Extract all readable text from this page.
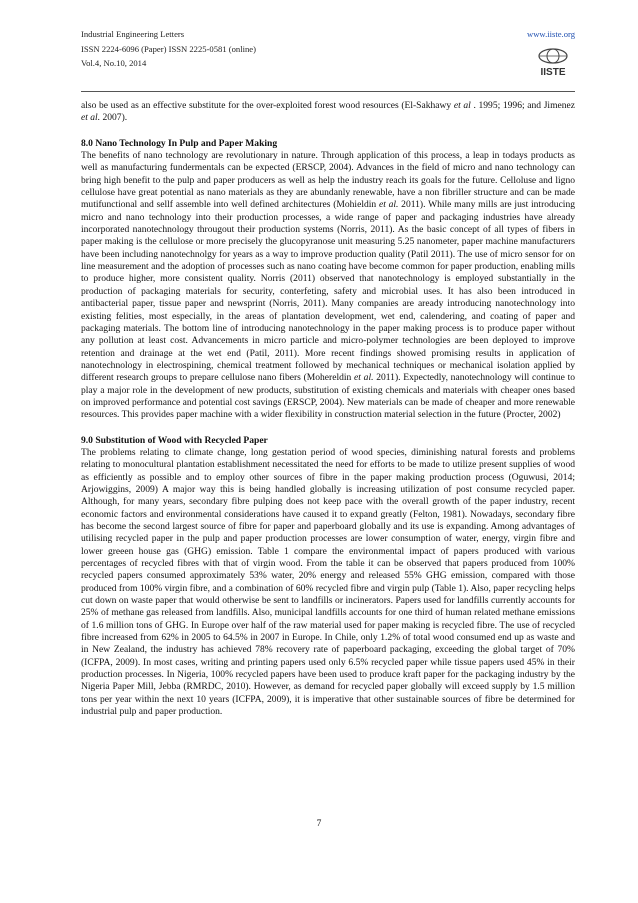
Industrial Engineering Letters
ISSN 2224-6096 (Paper) ISSN 2225-0581 (online)
Vol.4, No.10, 2014
www.iiste.org
IISTE

also be used as an effective substitute for the over-exploited forest wood resources (El-Sakhawy et al . 1995; 1996; and Jimenez et al. 2007).

8.0 Nano Technology In Pulp and Paper Making

The benefits of nano technology are revolutionary in nature. Through application of this process, a leap in todays products as well as manufacturing fundermentals can be expected (ERSCP, 2004). Advances in the field of micro and nano technology can bring high benefit to the pulp and paper producers as well as help the industry reach its goals for the future. Celloluse and ligno cellulose have great potential as nano materials as they are abundanly renewable, have a non fibriller structure and can be made mutifunctional and sellf assemble into well defined architectures (Mohieldin et al. 2011). While many mills are just introducing micro and nano technology into their production processes, a wide range of paper and packaging industries have already incorporated nanotechnology througout their production systems (Norris, 2011). As the basic concept of all types of fibers in paper making is the cellulose or more precisely the glucopyranose unit measuring 5.25 nanometer, paper machine manufacturers have been including nanotechnolgy for years as a way to improve production quality (Patil 2011). The use of micro sensor for on line measurement and the adoption of processes such as nano coating have become common for paper production, enabling mills to produce higher, more consistent quality. Norris (2011) observed that nanotechnology is employed substantially in the production of packaging materials for security, conterfeting, safety and microbial uses. It has also been introduced in antibacterial paper, tissue paper and newsprint (Norris, 2011). Many companies are aready introducing nanotechnology into existing felities, most especially, in the areas of plantation development, wet end, calendering, and coating of paper and packaging materials. The bottom line of introducing nanotechnology in the paper making process is to produce paper without any pollution at least cost. Advancements in micro particle and micro-polymer technologies are been deployed to improve retention and drainage at the wet end (Patil, 2011). More recent findings showed promising results in application of nanotechnology in electrospining, chemical treatment followed by mechanical techniques or mechanical isolation applied by different research groups to prepare cellulose nano fibers (Mohereldin et al. 2011). Expectedly, nanotechnology will continue to play a major role in the development of new products, substitution of existing chemicals and materials with cheaper ones based on improved performance and potential cost savings (ERSCP, 2004). New materials can be made of cheaper and more renewable resources. This provides paper machine with a wider flexibility in construction material selection in the future (Procter, 2002)

9.0 Substitution of Wood with Recycled Paper

The problems relating to climate change, long gestation period of wood species, diminishing natural forests and problems relating to monocultural plantation establishment necessitated the need for efforts to be made to utilize present supplies of wood as efficiently as possible and to employ other sources of fibre in the paper making production process (Oguwusi, 2014; Arjowiggins, 2009) A major way this is being handled globally is increasing utilization of post consume recycled paper. Although, for many years, secondary fibre pulping does not keep pace with the overall growth of the paper industry, recent economic factors and environmental considerations have caused it to expand greatly (Felton, 1981). Nowadays, secondary fibre has become the second largest source of fibre for paper and paperboard globally and its use is expanding. Among advantages of utilising recycled paper in the pulp and paper production processes are lower consumption of water, energy, virgin fibre and lower greeen house gas (GHG) emission. Table 1 compare the environmental impact of papers produced with various percentages of recycled fibres with that of virgin wood. From the table it can be observed that papers produced from 100% recycled papers consumed approximately 53% water, 20% energy and released 55% GHG emission, compared with those produced from 100% virgin fibre, and a combination of 60% recycled fibre and virgin pulp (Table 1). Also, paper recycling helps cut down on waste paper that would otherwise be sent to landfills or incinerators. Papers used for landfills currently accounts for 25% of methane gas released from landfills. Also, municipal landfills accounts for one third of human related methane emissions of 1.6 million tons of GHG. In Europe over half of the raw material used for paper making is recycled fibre. The use of recycled fibre increased from 62% in 2005 to 64.5% in 2007 in Europe. In Chile, only 1.2% of total wood consumed end up as waste and in New Zealand, the industry has achieved 78% recovery rate of paperboard packaging, exceeding the global target of 70% (ICFPA, 2009). In most cases, writing and printing papers used only 6.5% recycled paper while tissue papers used 45% in their production processes. In Nigeria, 100% recycled papers have been used to produce kraft paper for the packaging industry by the Nigeria Paper Mill, Jebba (RMRDC, 2010). However, as demand for recycled paper globally will exceed supply by 1.5 million tons per year within the next 10 years (ICFPA, 2009), it is imperative that other sustainable sources of fibre be determined for industrial pulp and paper production.

7
